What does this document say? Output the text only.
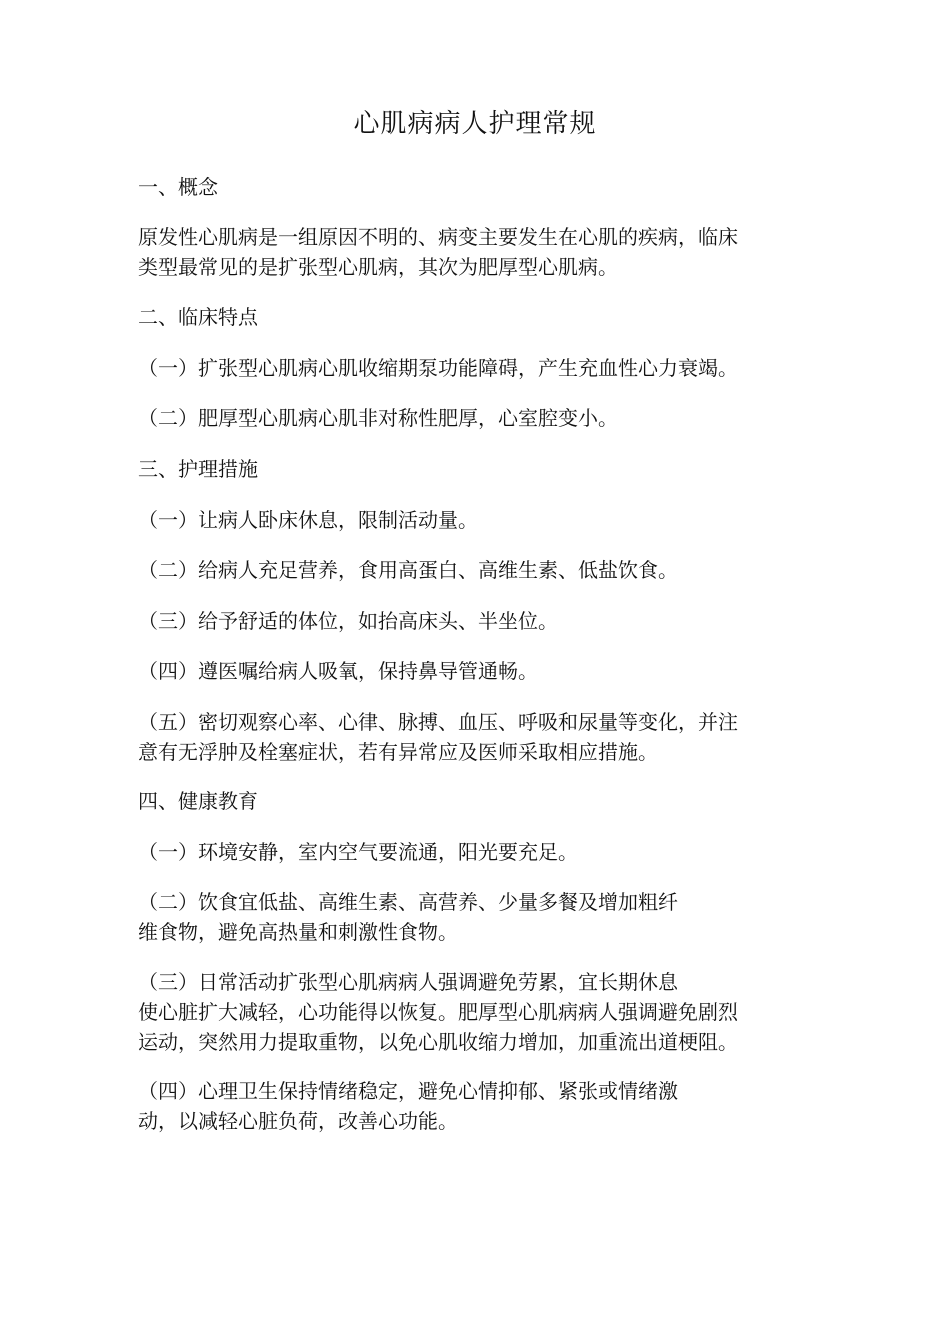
心肌病病人护理常规

一、概念

原发性心肌病是一组原因不明的、病变主要发生在心肌的疾病，临床
类型最常见的是扩张型心肌病，其次为肥厚型心肌病。

二、临床特点

（一）扩张型心肌病心肌收缩期泵功能障碍，产生充血性心力衰竭。

（二）肥厚型心肌病心肌非对称性肥厚，心室腔变小。

三、护理措施

（一）让病人卧床休息，限制活动量。

（二）给病人充足营养，食用高蛋白、高维生素、低盐饮食。

（三）给予舒适的体位，如抬高床头、半坐位。

（四）遵医嘱给病人吸氧，保持鼻导管通畅。

（五）密切观察心率、心律、脉搏、血压、呼吸和尿量等变化，并注
意有无浮肿及栓塞症状，若有异常应及医师采取相应措施。

四、健康教育

（一）环境安静，室内空气要流通，阳光要充足。

（二）饮食宜低盐、高维生素、高营养、少量多餐及增加粗纤
维食物，避免高热量和刺激性食物。

（三）日常活动扩张型心肌病病人强调避免劳累，宜长期休息
使心脏扩大减轻，心功能得以恢复。肥厚型心肌病病人强调避免剧烈
运动，突然用力提取重物，以免心肌收缩力增加，加重流出道梗阻。

（四）心理卫生保持情绪稳定，避免心情抑郁、紧张或情绪激
动，以减轻心脏负荷，改善心功能。
